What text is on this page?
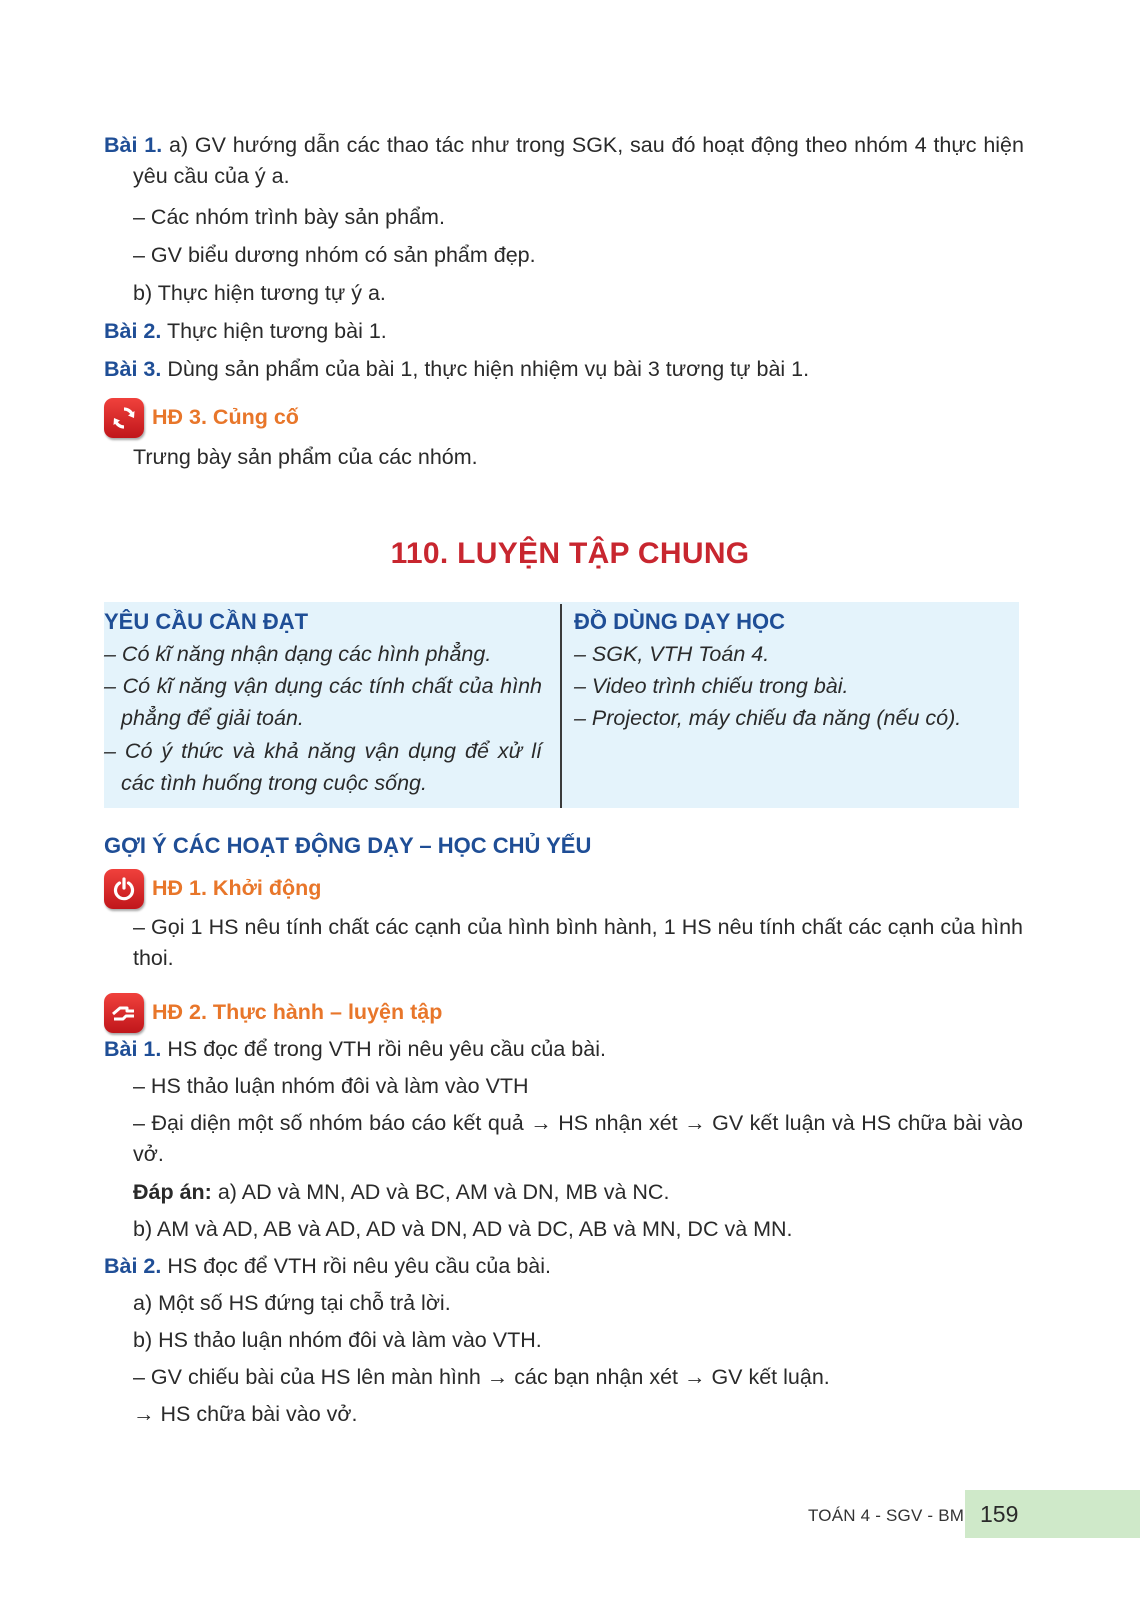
Bài 1. a) GV hướng dẫn các thao tác như trong SGK, sau đó hoạt động theo nhóm 4 thực hiện yêu cầu của ý a.

– Các nhóm trình bày sản phẩm.

– GV biểu dương nhóm có sản phẩm đẹp.

b) Thực hiện tương tự ý a.

Bài 2. Thực hiện tương bài 1.

Bài 3. Dùng sản phẩm của bài 1, thực hiện nhiệm vụ bài 3 tương tự bài 1.

HĐ 3. Củng cố

Trưng bày sản phẩm của các nhóm.

110. LUYỆN TẬP CHUNG

YÊU CẦU CẦN ĐẠT

– Có kĩ năng nhận dạng các hình phẳng.

– Có kĩ năng vận dụng các tính chất của hình phẳng để giải toán.

– Có ý thức và khả năng vận dụng để xử lí các tình huống trong cuộc sống.

ĐỒ DÙNG DẠY HỌC

– SGK, VTH Toán 4.

– Video trình chiếu trong bài.

– Projector, máy chiếu đa năng (nếu có).

GỢI Ý CÁC HOẠT ĐỘNG DẠY – HỌC CHỦ YẾU
HĐ 1. Khởi động

– Gọi 1 HS nêu tính chất các cạnh của hình bình hành, 1 HS nêu tính chất các cạnh của hình thoi.

HĐ 2. Thực hành – luyện tập

Bài 1. HS đọc để trong VTH rồi nêu yêu cầu của bài.

– HS thảo luận nhóm đôi và làm vào VTH

– Đại diện một số nhóm báo cáo kết quả → HS nhận xét → GV kết luận và HS chữa bài vào vở.

Đáp án: a) AD và MN, AD và BC, AM và DN, MB và NC.

b) AM và AD, AB và AD, AD và DN, AD và DC, AB và MN, DC và MN.

Bài 2. HS đọc để VTH rồi nêu yêu cầu của bài.

a) Một số HS đứng tại chỗ trả lời.

b) HS thảo luận nhóm đôi và làm vào VTH.

– GV chiếu bài của HS lên màn hình → các bạn nhận xét → GV kết luận.

→ HS chữa bài vào vở.

TOÁN 4 - SGV - BM 159
